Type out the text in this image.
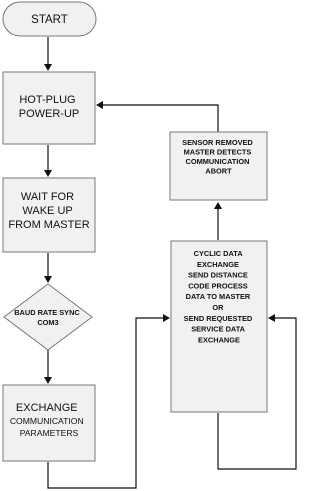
START
HOT-PLUG POWER-UP
WAIT FOR WAKE UP FROM MASTER
BAUD RATE SYNC COM3
EXCHANGE COMMUNICATION PARAMETERS
SENSOR REMOVED MASTER DETECTS COMMUNICATION ABORT
CYCLIC DATA EXCHANGE SEND DISTANCE CODE PROCESS DATA TO MASTER OR SEND REQUESTED SERVICE DATA EXCHANGE
